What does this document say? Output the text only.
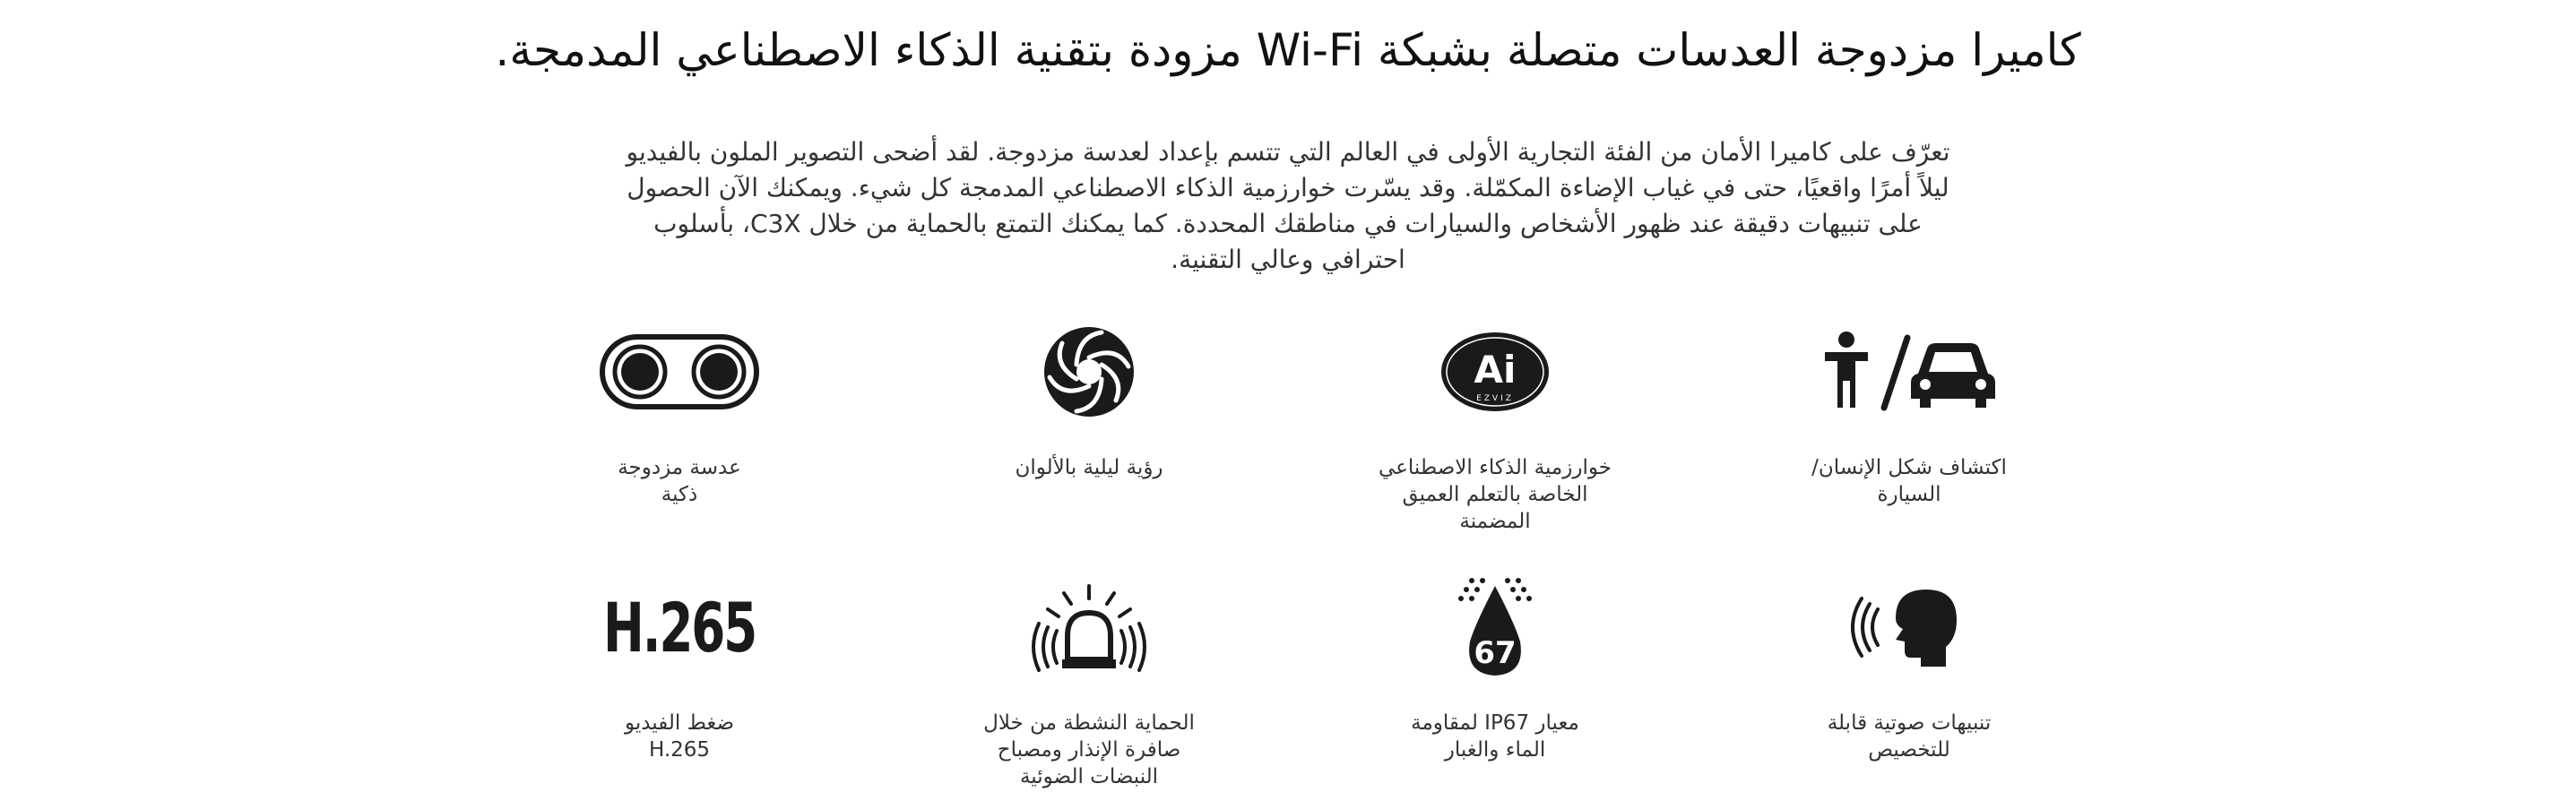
كاميرا مزدوجة العدسات متصلة بشبكة Wi-Fi مزودة بتقنية الذكاء الاصطناعي المدمجة.

تعرّف على كاميرا الأمان من الفئة التجارية الأولى في العالم التي تتسم بإعداد لعدسة مزدوجة. لقد أضحى التصوير الملون بالفيديو ليلاً أمرًا واقعيًا، حتى في غياب الإضاءة المكمّلة. وقد يسّرت خوارزمية الذكاء الاصطناعي المدمجة كل شيء. ويمكنك الآن الحصول على تنبيهات دقيقة عند ظهور الأشخاص والسيارات في مناطقك المحددة. كما يمكنك التمتع بالحماية من خلال C3X، بأسلوب احترافي وعالي التقنية.

اكتشاف شكل الإنسان/
السيارة
Ai
EZVIZ
خوارزمية الذكاء الاصطناعي
الخاصة بالتعلم العميق
المضمنة
رؤية ليلية بالألوان
عدسة مزدوجة
ذكية
تنبيهات صوتية قابلة
للتخصيص
67
معيار IP67 لمقاومة
الماء والغبار
الحماية النشطة من خلال
صافرة الإنذار ومصباح
النبضات الضوئية
H.265
ضغط الفيديو
H.265
